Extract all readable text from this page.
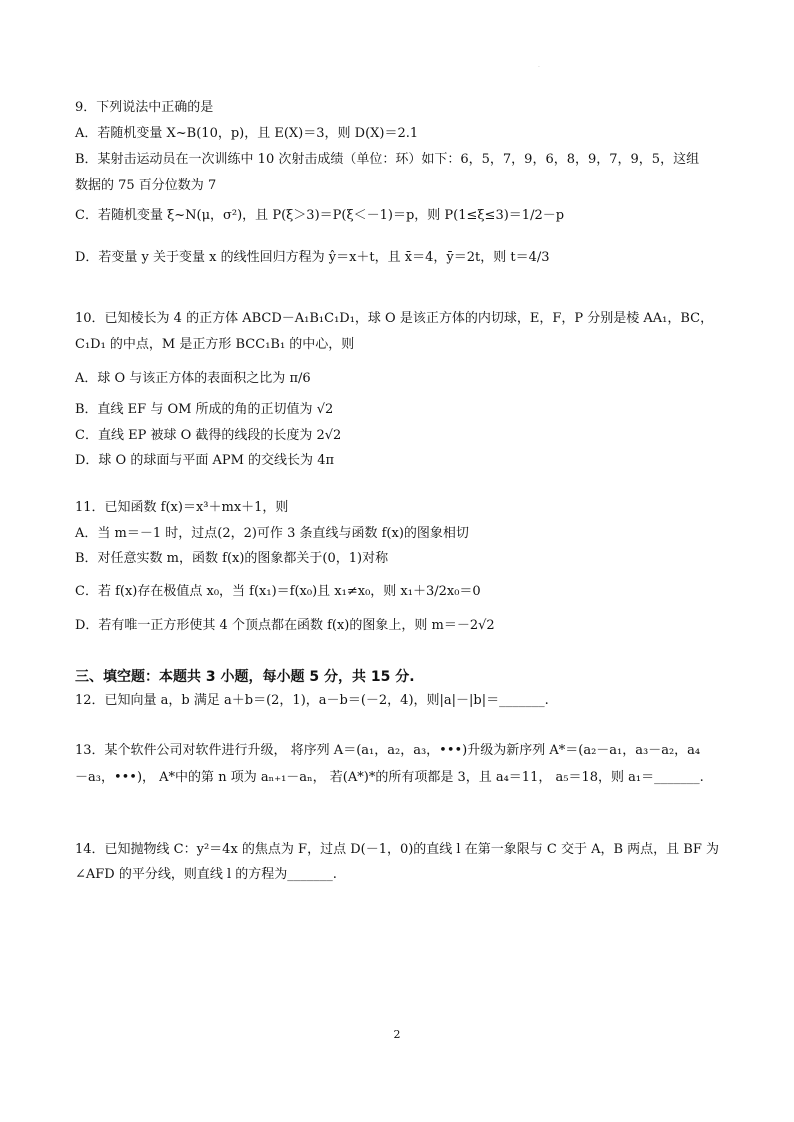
·
9．下列说法中正确的是
A．若随机变量 X~B(10，p)，且 E(X)＝3，则 D(X)＝2.1
B．某射击运动员在一次训练中 10 次射击成绩（单位：环）如下：6，5，7，9，6，8，9，7，9，5，这组
数据的 75 百分位数为 7
C．若随机变量 ξ~N(μ，σ²)，且 P(ξ＞3)＝P(ξ＜－1)＝p，则 P(1≤ξ≤3)＝1/2－p
D．若变量 y 关于变量 x 的线性回归方程为 ŷ＝x＋t，且 x̄＝4，ȳ＝2t，则 t＝4/3
10．已知棱长为 4 的正方体 ABCD－A₁B₁C₁D₁，球 O 是该正方体的内切球，E，F，P 分别是棱 AA₁，BC，
C₁D₁ 的中点，M 是正方形 BCC₁B₁ 的中心，则
A．球 O 与该正方体的表面积之比为 π/6
B．直线 EF 与 OM 所成的角的正切值为 √2
C．直线 EP 被球 O 截得的线段的长度为 2√2
D．球 O 的球面与平面 APM 的交线长为 4π
11．已知函数 f(x)＝x³＋mx＋1，则
A．当 m＝－1 时，过点(2，2)可作 3 条直线与函数 f(x)的图象相切
B．对任意实数 m，函数 f(x)的图象都关于(0，1)对称
C．若 f(x)存在极值点 x₀，当 f(x₁)＝f(x₀)且 x₁≠x₀，则 x₁＋3/2x₀＝0
D．若有唯一正方形使其 4 个顶点都在函数 f(x)的图象上，则 m＝－2√2
三、填空题：本题共 3 小题，每小题 5 分，共 15 分.
12．已知向量 a，b 满足 a＋b＝(2，1)，a－b＝(－2，4)，则|a|－|b|＝_______.
13．某个软件公司对软件进行升级， 将序列 A＝(a₁，a₂，a₃，•••)升级为新序列 A*＝(a₂－a₁，a₃－a₂，a₄
－a₃，•••)， A*中的第 n 项为 aₙ₊₁－aₙ， 若(A*)*的所有项都是 3，且 a₄＝11， a₅＝18，则 a₁＝_______.
14．已知抛物线 C：y²＝4x 的焦点为 F，过点 D(－1，0)的直线 l 在第一象限与 C 交于 A，B 两点，且 BF 为
∠AFD 的平分线，则直线 l 的方程为_______.
2
